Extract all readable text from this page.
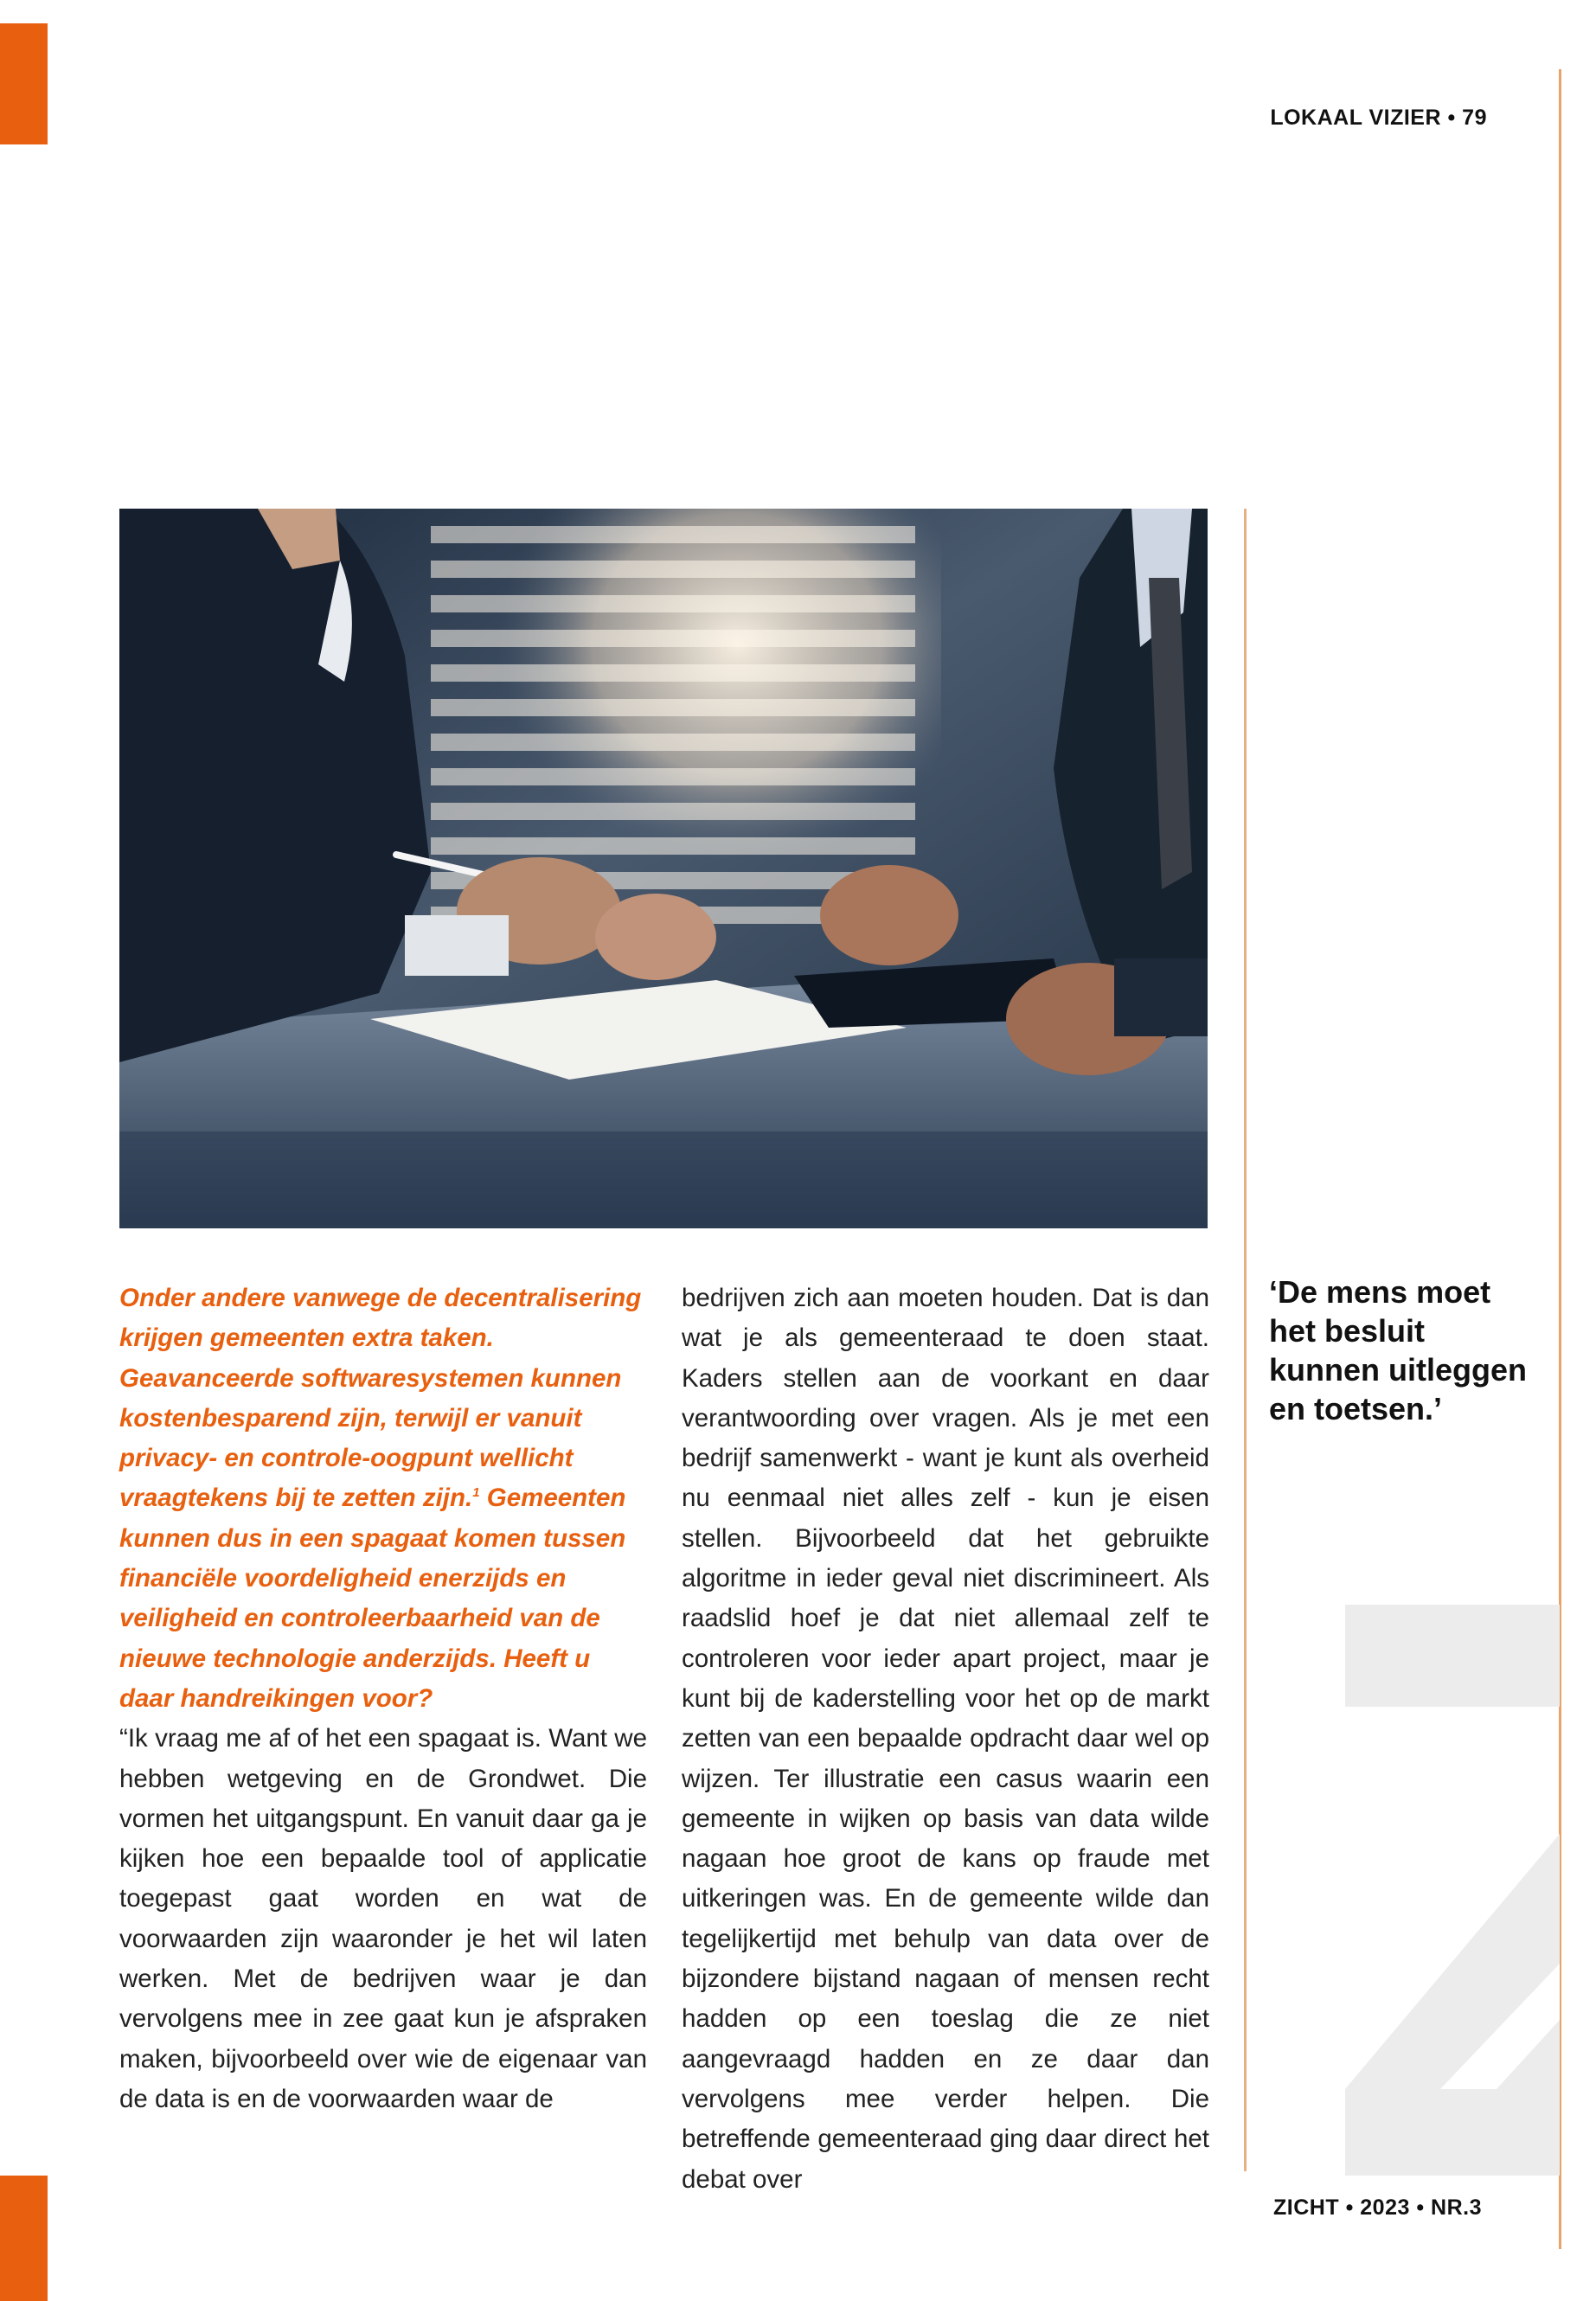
LOKAAL VIZIER • 79
Onder andere vanwege de decentralisering krijgen gemeenten extra taken. Geavanceerde softwaresystemen kunnen kostenbesparend zijn, terwijl er vanuit privacy- en controle-oogpunt wellicht vraagtekens bij te zetten zijn.$^1$ Gemeenten kunnen dus in een spagaat komen tussen financiële voordeligheid enerzijds en veiligheid en controleerbaarheid van de nieuwe technologie anderzijds. Heeft u daar handreikingen voor?
“Ik vraag me af of het een spagaat is. Want we hebben wetgeving en de Grondwet. Die vormen het uitgangspunt. En vanuit daar ga je kijken hoe een bepaalde tool of applicatie toegepast gaat worden en wat de voorwaarden zijn waaronder je het wil laten werken. Met de bedrijven waar je dan vervolgens mee in zee gaat kun je afspraken maken, bijvoorbeeld over wie de eigenaar van de data is en de voorwaarden waar de
bedrijven zich aan moeten houden. Dat is dan wat je als gemeenteraad te doen staat. Kaders stellen aan de voorkant en daar verantwoording over vragen. Als je met een bedrijf samenwerkt - want je kunt als overheid nu eenmaal niet alles zelf - kun je eisen stellen. Bijvoorbeeld dat het gebruikte algoritme in ieder geval niet discrimineert. Als raadslid hoef je dat niet allemaal zelf te controleren voor ieder apart project, maar je kunt bij de kaderstelling voor het op de markt zetten van een bepaalde opdracht daar wel op wijzen. Ter illustratie een casus waarin een gemeente in wijken op basis van data wilde nagaan hoe groot de kans op fraude met uitkeringen was. En de gemeente wilde dan tegelijkertijd met behulp van data over de bijzondere bijstand nagaan of mensen recht hadden op een toeslag die ze niet aangevraagd hadden en ze daar dan vervolgens mee verder helpen. Die betreffende gemeenteraad ging daar direct het debat over
‘De mens moet het besluit kunnen uitleggen en toetsen.’
ZICHT • 2023 • NR.3
